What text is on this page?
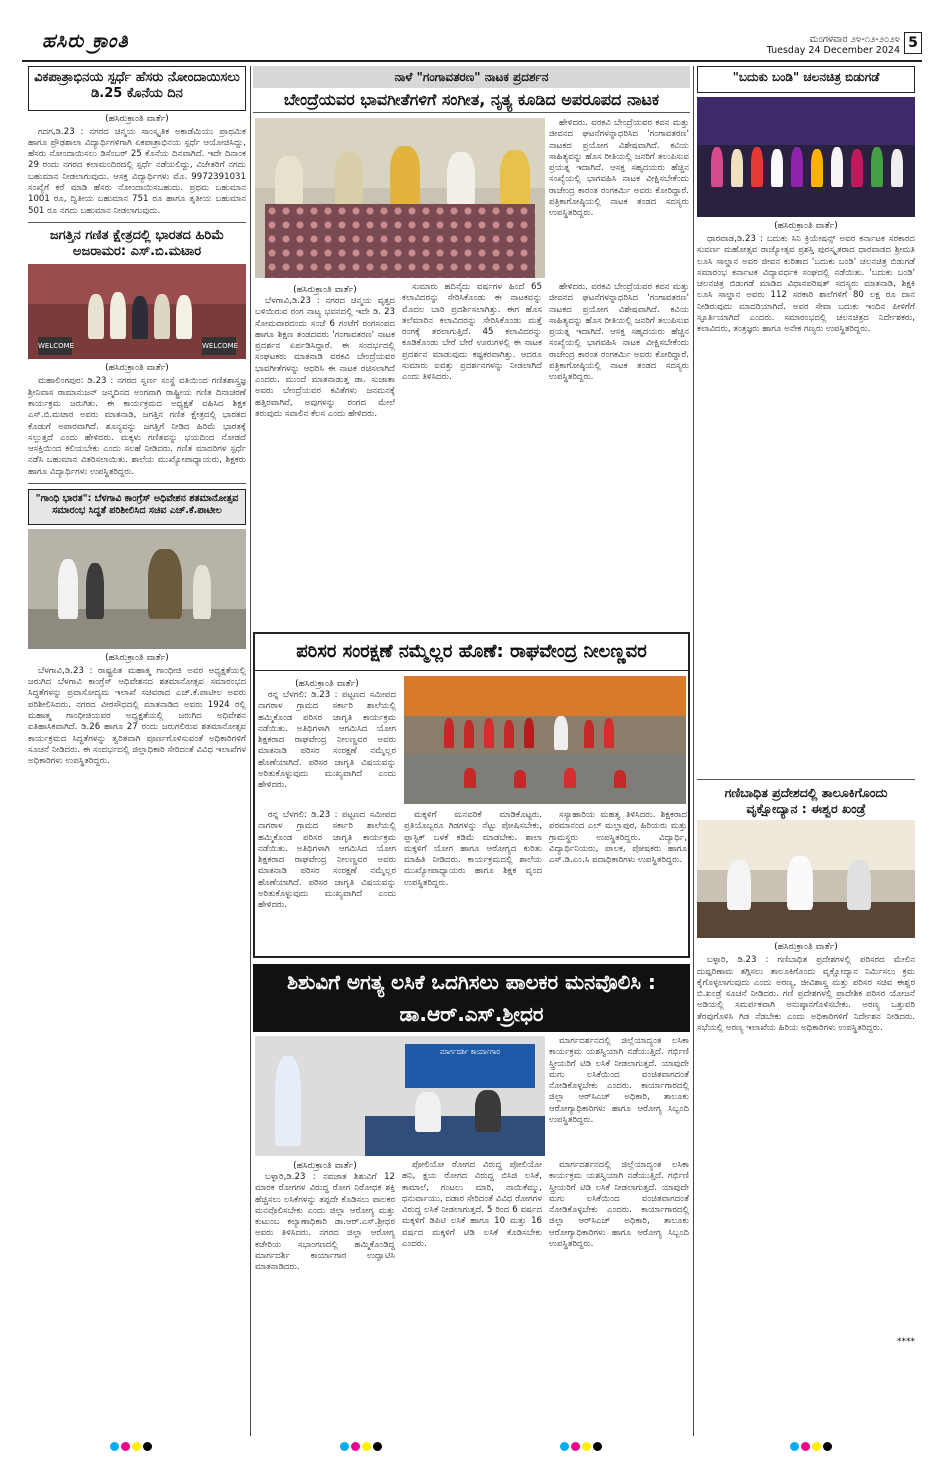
ಹಸಿರು ಕ್ರಾಂತಿ	ಮಂಗಳವಾರ ೨೪-೧೨-೨೦೨೪
Tuesday 24 December 2024 5
ವಿಕಪಾತ್ರಾಭಿನಯ ಸ್ಪರ್ಧೆ ಹೆಸರು ನೋಂದಾಯಿಸಲು ಡಿ.25 ಕೊನೆಯ ದಿನ
(ಹಸಿರುಕ್ರಾಂತಿ ವಾರ್ತೆ)

ಗದಗ,ಡಿ.23 : ನಗರದ ಚಿನ್ಮಯ ಸಾಂಸ್ಕೃತಿಕ ಅಕಾಡೆಮಿಯು ಪ್ರಾಥಮಿಕ ಹಾಗೂ ಪ್ರೌಢಶಾಲಾ ವಿದ್ಯಾರ್ಥಿಗಳಿಗಾಗಿ ಏಕಪಾತ್ರಾಭಿನಯ ಸ್ಪರ್ಧೆ ಆಯೋಜಿಸಿದ್ದು, ಹೆಸರು ನೋಂದಾಯಿಸಲು ಡಿಸೆಂಬರ್ 25 ಕೊನೆಯ ದಿನವಾಗಿದೆ. ಇದೇ ದಿನಾಂಕ 29 ರಂದು ನಗರದ ಕಲಾಮಂದಿರದಲ್ಲಿ ಸ್ಪರ್ಧೆ ನಡೆಯಲಿದ್ದು, ವಿಜೇತರಿಗೆ ನಗದು ಬಹುಮಾನ ನೀಡಲಾಗುವುದು. ಆಸಕ್ತ ವಿದ್ಯಾರ್ಥಿಗಳು ಮೊ. 9972391031 ಸಂಖ್ಯೆಗೆ ಕರೆ ಮಾಡಿ ಹೆಸರು ನೋಂದಾಯಿಸಬಹುದು. ಪ್ರಥಮ ಬಹುಮಾನ 1001 ರೂ, ದ್ವಿತೀಯ ಬಹುಮಾನ 751 ರೂ ಹಾಗೂ ತೃತೀಯ ಬಹುಮಾನ 501 ರೂ ನಗದು ಬಹುಮಾನ ನೀಡಲಾಗುವುದು.

ಜಗತ್ತಿನ ಗಣಿತ ಕ್ಷೇತ್ರದಲ್ಲಿ ಭಾರತದ ಹಿರಿಮೆ ಅಜರಾಮರ: ಎಸ್.ಬಿ.ಮಟಾರ
WELCOME	WELCOME
(ಹಸಿರುಕ್ರಾಂತಿ ವಾರ್ತೆ)

ಮಹಾಲಿಂಗಪುರ: ಡಿ.23 : ನಗರದ ಸ್ವರ್ಣ ಸಂಸ್ಥೆ ವತಿಯಿಂದ ಗಣಿತಶಾಸ್ತ್ರಜ್ಞ ಶ್ರೀನಿವಾಸ ರಾಮಾನುಜನ್ ಜನ್ಮದಿನದ ಅಂಗವಾಗಿ ರಾಷ್ಟ್ರೀಯ ಗಣಿತ ದಿನಾಚರಣೆ ಕಾರ್ಯಕ್ರಮ ಜರುಗಿತು. ಈ ಕಾರ್ಯಕ್ರಮದ ಅಧ್ಯಕ್ಷತೆ ವಹಿಸಿದ ಶಿಕ್ಷಕ ಎಸ್.ಬಿ.ಮಟಾರ ಅವರು ಮಾತನಾಡಿ, ಜಗತ್ತಿನ ಗಣಿತ ಕ್ಷೇತ್ರದಲ್ಲಿ ಭಾರತದ ಕೊಡುಗೆ ಅಪಾರವಾಗಿದೆ. ಶೂನ್ಯವನ್ನು ಜಗತ್ತಿಗೆ ನೀಡಿದ ಹಿರಿಮೆ ಭಾರತಕ್ಕೆ ಸಲ್ಲುತ್ತದೆ ಎಂದು ಹೇಳಿದರು. ಮಕ್ಕಳು ಗಣಿತವನ್ನು ಭಯದಿಂದ ನೋಡದೆ ಆಸಕ್ತಿಯಿಂದ ಕಲಿಯಬೇಕು ಎಂದು ಸಲಹೆ ನೀಡಿದರು. ಗಣಿತ ಮಾದರಿಗಳ ಸ್ಪರ್ಧೆ ನಡೆಸಿ ಬಹುಮಾನ ವಿತರಿಸಲಾಯಿತು. ಶಾಲೆಯ ಮುಖ್ಯೋಪಾಧ್ಯಾಯರು, ಶಿಕ್ಷಕರು ಹಾಗೂ ವಿದ್ಯಾರ್ಥಿಗಳು ಉಪಸ್ಥಿತರಿದ್ದರು.

"ಗಾಂಧಿ ಭಾರತ": ಬೆಳಗಾವಿ ಕಾಂಗ್ರೆಸ್ ಅಧಿವೇಶನ ಶತಮಾನೋತ್ಸವ ಸಮಾರಂಭ ಸಿದ್ಧತೆ ಪರಿಶೀಲಿಸಿದ ಸಚಿವ ಎಚ್.ಕೆ.ಪಾಟೀಲ
(ಹಸಿರುಕ್ರಾಂತಿ ವಾರ್ತೆ)

ಬೆಳಗಾವಿ,ಡಿ.23 : ರಾಷ್ಟ್ರಪಿತ ಮಹಾತ್ಮ ಗಾಂಧೀಜಿ ಅವರ ಅಧ್ಯಕ್ಷತೆಯಲ್ಲಿ ಜರುಗಿದ ಬೆಳಗಾವಿ ಕಾಂಗ್ರೆಸ್ ಅಧಿವೇಶನದ ಶತಮಾನೋತ್ಸವ ಸಮಾರಂಭದ ಸಿದ್ಧತೆಗಳನ್ನು ಪ್ರವಾಸೋದ್ಯಮ ಇಲಾಖೆ ಸಚಿವರಾದ ಎಚ್.ಕೆ.ಪಾಟೀಲ ಅವರು ಪರಿಶೀಲಿಸಿದರು. ನಗರದ ವೀರಸೌಧದಲ್ಲಿ ಮಾತನಾಡಿದ ಅವರು 1924 ರಲ್ಲಿ ಮಹಾತ್ಮ ಗಾಂಧೀಜಿಯವರ ಅಧ್ಯಕ್ಷತೆಯಲ್ಲಿ ಜರುಗಿದ ಅಧಿವೇಶನ ಐತಿಹಾಸಿಕವಾಗಿದೆ. ಡಿ.26 ಹಾಗೂ 27 ರಂದು ಜರುಗಲಿರುವ ಶತಮಾನೋತ್ಸವ ಕಾರ್ಯಕ್ರಮದ ಸಿದ್ಧತೆಗಳನ್ನು ತ್ವರಿತವಾಗಿ ಪೂರ್ಣಗೊಳಿಸುವಂತೆ ಅಧಿಕಾರಿಗಳಿಗೆ ಸೂಚನೆ ನೀಡಿದರು. ಈ ಸಂದರ್ಭದಲ್ಲಿ ಜಿಲ್ಲಾಧಿಕಾರಿ ಸೇರಿದಂತೆ ವಿವಿಧ ಇಲಾಖೆಗಳ ಅಧಿಕಾರಿಗಳು ಉಪಸ್ಥಿತರಿದ್ದರು.

ನಾಳೆ "ಗಂಗಾವತರಣ" ನಾಟಕ ಪ್ರದರ್ಶನ
ಬೇಂದ್ರೆಯವರ ಭಾವಗೀತೆಗಳಿಗೆ ಸಂಗೀತ, ನೃತ್ಯ ಕೂಡಿದ ಅಪರೂಪದ ನಾಟಕ

ಹೇಳಿದರು. ವರಕವಿ ಬೇಂದ್ರೆಯವರ ಕವನ ಮತ್ತು ಜೀವನದ ಘಟನೆಗಳನ್ನಾಧರಿಸಿದ 'ಗಂಗಾವತರಣ' ನಾಟಕದ ಪ್ರಯೋಗ ವಿಶೇಷವಾಗಿದೆ. ಕವಿಯ ಸಾಹಿತ್ಯವನ್ನು ಹೊಸ ರೀತಿಯಲ್ಲಿ ಜನರಿಗೆ ತಲುಪಿಸುವ ಪ್ರಯತ್ನ ಇದಾಗಿದೆ. ಆಸಕ್ತ ಸಹೃದಯರು ಹೆಚ್ಚಿನ ಸಂಖ್ಯೆಯಲ್ಲಿ ಭಾಗವಹಿಸಿ ನಾಟಕ ವೀಕ್ಷಿಸಬೇಕೆಂದು ರಾಜೇಂದ್ರ ಕಾರಂತ ರಂಗಕರ್ಮಿ ಅವರು ಕೋರಿದ್ದಾರೆ. ಪತ್ರಿಕಾಗೋಷ್ಠಿಯಲ್ಲಿ ನಾಟಕ ತಂಡದ ಸದಸ್ಯರು ಉಪಸ್ಥಿತರಿದ್ದರು.

(ಹಸಿರುಕ್ರಾಂತಿ ವಾರ್ತೆ)

ಬೆಳಗಾವಿ,ಡಿ.23 : ನಗರದ ಚಿನ್ಮಯ ವೃತ್ತದ ಬಳಿಯಿರುವ ರಂಗ ನಾಟ್ಯ ಭವನದಲ್ಲಿ ಇದೇ ಡಿ. 23 ಸೋಮವಾರದಂದು ಸಂಜೆ 6 ಗಂಟೆಗೆ ರಂಗಸಂಪದ ಹಾಗೂ ಶಿಕ್ಷಣ ತಂಡದವರು 'ಗಂಗಾವತರಣ' ನಾಟಕ ಪ್ರದರ್ಶನ ಏರ್ಪಡಿಸಿದ್ದಾರೆ. ಈ ಸಂದರ್ಭದಲ್ಲಿ ಸಂಘಟಕರು ಮಾತನಾಡಿ ವರಕವಿ ಬೇಂದ್ರೆಯವರ ಭಾವಗೀತೆಗಳನ್ನು ಆಧರಿಸಿ ಈ ನಾಟಕ ರಚಿಸಲಾಗಿದೆ ಎಂದರು. ಮುಂದೆ ಮಾತನಾಡುತ್ತ ಡಾ. ಸುಜಾತಾ ಅವರು ಬೇಂದ್ರೆಯವರ ಕವಿತೆಗಳು ಜನಮನಕ್ಕೆ ಹತ್ತಿರವಾಗಿವೆ, ಅವುಗಳನ್ನು ರಂಗದ ಮೇಲೆ ತರುವುದು ಸವಾಲಿನ ಕೆಲಸ ಎಂದು ಹೇಳಿದರು.

ಸುಮಾರು ಹದಿನೈದು ವರ್ಷಗಳ ಹಿಂದೆ 65 ಕಲಾವಿದರನ್ನು ಸೇರಿಸಿಕೊಂಡು ಈ ನಾಟಕವನ್ನು ಮೊದಲ ಬಾರಿ ಪ್ರದರ್ಶಿಸಲಾಗಿತ್ತು. ಈಗ ಹೊಸ ತಲೆಮಾರಿನ ಕಲಾವಿದರನ್ನು ಸೇರಿಸಿಕೊಂಡು ಮತ್ತೆ ರಂಗಕ್ಕೆ ತರಲಾಗುತ್ತಿದೆ. 45 ಕಲಾವಿದರನ್ನು ಕೂಡಿಕೊಂಡು ಬೇರೆ ಬೇರೆ ಊರುಗಳಲ್ಲಿ ಈ ನಾಟಕ ಪ್ರದರ್ಶನ ಮಾಡುವುದು ಕಷ್ಟಕರವಾಗಿತ್ತು. ಆದರೂ ಸುಮಾರು ಐವತ್ತು ಪ್ರದರ್ಶನಗಳನ್ನು ನೀಡಲಾಗಿದೆ ಎಂದು ತಿಳಿಸಿದರು.

ಹೇಳಿದರು. ವರಕವಿ ಬೇಂದ್ರೆಯವರ ಕವನ ಮತ್ತು ಜೀವನದ ಘಟನೆಗಳನ್ನಾಧರಿಸಿದ 'ಗಂಗಾವತರಣ' ನಾಟಕದ ಪ್ರಯೋಗ ವಿಶೇಷವಾಗಿದೆ. ಕವಿಯ ಸಾಹಿತ್ಯವನ್ನು ಹೊಸ ರೀತಿಯಲ್ಲಿ ಜನರಿಗೆ ತಲುಪಿಸುವ ಪ್ರಯತ್ನ ಇದಾಗಿದೆ. ಆಸಕ್ತ ಸಹೃದಯರು ಹೆಚ್ಚಿನ ಸಂಖ್ಯೆಯಲ್ಲಿ ಭಾಗವಹಿಸಿ ನಾಟಕ ವೀಕ್ಷಿಸಬೇಕೆಂದು ರಾಜೇಂದ್ರ ಕಾರಂತ ರಂಗಕರ್ಮಿ ಅವರು ಕೋರಿದ್ದಾರೆ. ಪತ್ರಿಕಾಗೋಷ್ಠಿಯಲ್ಲಿ ನಾಟಕ ತಂಡದ ಸದಸ್ಯರು ಉಪಸ್ಥಿತರಿದ್ದರು.

ಪರಿಸರ ಸಂರಕ್ಷಣೆ ನಮ್ಮೆಲ್ಲರ ಹೊಣೆ: ರಾಘವೇಂದ್ರ ನೀಲಣ್ಣವರ
(ಹಸಿರುಕ್ರಾಂತಿ ವಾರ್ತೆ)

ರನ್ನ ಬೆಳಗಲಿ: ಡಿ.23 : ಪಟ್ಟಣದ ಸಮೀಪದ ನಾಗರಾಳ ಗ್ರಾಮದ ಸರ್ಕಾರಿ ಶಾಲೆಯಲ್ಲಿ ಹಮ್ಮಿಕೊಂಡ ಪರಿಸರ ಜಾಗೃತಿ ಕಾರ್ಯಕ್ರಮ ನಡೆಯಿತು. ಅತಿಥಿಗಳಾಗಿ ಆಗಮಿಸಿದ ಯೋಗ ಶಿಕ್ಷಕರಾದ ರಾಘವೇಂದ್ರ ನೀಲಣ್ಣವರ ಅವರು ಮಾತನಾಡಿ ಪರಿಸರ ಸಂರಕ್ಷಣೆ ನಮ್ಮೆಲ್ಲರ ಹೊಣೆಯಾಗಿದೆ. ಪರಿಸರ ಜಾಗೃತಿ ವಿಷಯವನ್ನು ಅರಿತುಕೊಳ್ಳುವುದು ಮುಖ್ಯವಾಗಿದೆ ಎಂದು ಹೇಳಿದರು.

ರನ್ನ ಬೆಳಗಲಿ: ಡಿ.23 : ಪಟ್ಟಣದ ಸಮೀಪದ ನಾಗರಾಳ ಗ್ರಾಮದ ಸರ್ಕಾರಿ ಶಾಲೆಯಲ್ಲಿ ಹಮ್ಮಿಕೊಂಡ ಪರಿಸರ ಜಾಗೃತಿ ಕಾರ್ಯಕ್ರಮ ನಡೆಯಿತು. ಅತಿಥಿಗಳಾಗಿ ಆಗಮಿಸಿದ ಯೋಗ ಶಿಕ್ಷಕರಾದ ರಾಘವೇಂದ್ರ ನೀಲಣ್ಣವರ ಅವರು ಮಾತನಾಡಿ ಪರಿಸರ ಸಂರಕ್ಷಣೆ ನಮ್ಮೆಲ್ಲರ ಹೊಣೆಯಾಗಿದೆ. ಪರಿಸರ ಜಾಗೃತಿ ವಿಷಯವನ್ನು ಅರಿತುಕೊಳ್ಳುವುದು ಮುಖ್ಯವಾಗಿದೆ ಎಂದು ಹೇಳಿದರು.

ಮಕ್ಕಳಿಗೆ ಮನವರಿಕೆ ಮಾಡಿಕೊಟ್ಟರು. ಪ್ರತಿಯೊಬ್ಬರೂ ಗಿಡಗಳನ್ನು ನೆಟ್ಟು ಪೋಷಿಸಬೇಕು, ಪ್ಲಾಸ್ಟಿಕ್ ಬಳಕೆ ಕಡಿಮೆ ಮಾಡಬೇಕು. ಶಾಲಾ ಮಕ್ಕಳಿಗೆ ಯೋಗ ಹಾಗೂ ಆರೋಗ್ಯದ ಕುರಿತು ಮಾಹಿತಿ ನೀಡಿದರು. ಕಾರ್ಯಕ್ರಮದಲ್ಲಿ ಶಾಲೆಯ ಮುಖ್ಯೋಪಾಧ್ಯಾಯರು ಹಾಗೂ ಶಿಕ್ಷಕ ವೃಂದ ಉಪಸ್ಥಿತರಿದ್ದರು.

ಸಸ್ಯಾಹಾರಿಯ ಮಹತ್ವ ತಿಳಿಸಿದರು. ಶಿಕ್ಷಕರಾದ ಪರಮಾನಂದ ಎಲ್ ಮಲ್ಲಾಪುರ, ಹಿರಿಯರು ಮತ್ತು ಗ್ರಾಮಸ್ಥರು ಉಪಸ್ಥಿತರಿದ್ದರು. ವಿದ್ಯಾರ್ಥಿ, ವಿದ್ಯಾರ್ಥಿನಿಯರು, ಪಾಲಕ, ಪೋಷಕರು ಹಾಗೂ ಎಸ್.ಡಿ.ಎಂ.ಸಿ ಪದಾಧಿಕಾರಿಗಳು ಉಪಸ್ಥಿತರಿದ್ದರು.

ಶಿಶುವಿಗೆ ಅಗತ್ಯ ಲಸಿಕೆ ಒದಗಿಸಲು ಪಾಲಕರ ಮನವೊಲಿಸಿ : ಡಾ.ಆರ್.ಎಸ್.ಶ್ರೀಧರ
ಮಾರ್ಗದರ್ಶಿ ಕಾರ್ಯಾಗಾರ

ಮಾರ್ಗದರ್ಶನದಲ್ಲಿ ಜಿಲ್ಲೆಯಾದ್ಯಂತ ಲಸಿಕಾ ಕಾರ್ಯಕ್ರಮ ಯಶಸ್ವಿಯಾಗಿ ನಡೆಯುತ್ತಿದೆ. ಗರ್ಭಿಣಿ ಸ್ತ್ರೀಯರಿಗೆ ಟಿಡಿ ಲಸಿಕೆ ನೀಡಲಾಗುತ್ತದೆ. ಯಾವುದೇ ಮಗು ಲಸಿಕೆಯಿಂದ ವಂಚಿತವಾಗದಂತೆ ನೋಡಿಕೊಳ್ಳಬೇಕು ಎಂದರು. ಕಾರ್ಯಾಗಾರದಲ್ಲಿ ಜಿಲ್ಲಾ ಆರ್‌ಸಿಎಚ್ ಅಧಿಕಾರಿ, ತಾಲೂಕು ಆರೋಗ್ಯಾಧಿಕಾರಿಗಳು ಹಾಗೂ ಆರೋಗ್ಯ ಸಿಬ್ಬಂದಿ ಉಪಸ್ಥಿತರಿದ್ದರು.

(ಹಸಿರುಕ್ರಾಂತಿ ವಾರ್ತೆ)

ಬಳ್ಳಾರಿ,ಡಿ.23 : ನವಜಾತ ಶಿಶುವಿಗೆ 12 ಮಾರಕ ರೋಗಗಳ ವಿರುದ್ಧ ರೋಗ ನಿರೋಧಕ ಶಕ್ತಿ ಹೆಚ್ಚಿಸಲು ಲಸಿಕೆಗಳನ್ನು ತಪ್ಪದೇ ಕೊಡಿಸಲು ಪಾಲಕರ ಮನವೊಲಿಸಬೇಕು ಎಂದು ಜಿಲ್ಲಾ ಆರೋಗ್ಯ ಮತ್ತು ಕುಟುಂಬ ಕಲ್ಯಾಣಾಧಿಕಾರಿ ಡಾ.ಆರ್.ಎಸ್.ಶ್ರೀಧರ ಅವರು ತಿಳಿಸಿದರು. ನಗರದ ಜಿಲ್ಲಾ ಆರೋಗ್ಯ ಕಚೇರಿಯ ಸಭಾಂಗಣದಲ್ಲಿ ಹಮ್ಮಿಕೊಂಡಿದ್ದ ಮಾರ್ಗದರ್ಶಿ ಕಾರ್ಯಾಗಾರ ಉದ್ಘಾಟಿಸಿ ಮಾತನಾಡಿದರು.

ಪೋಲಿಯೋ ರೋಗದ ವಿರುದ್ಧ ಪೋಲಿಯೋ ಹನಿ, ಕ್ಷಯ ರೋಗದ ವಿರುದ್ಧ ಬಿಸಿಜಿ ಲಸಿಕೆ, ಕಾಮಾಲೆ, ಗಂಟಲು ಮಾರಿ, ನಾಯಿಕೆಮ್ಮು, ಧನುರ್ವಾಯು, ದಡಾರ ಸೇರಿದಂತೆ ವಿವಿಧ ರೋಗಗಳ ವಿರುದ್ಧ ಲಸಿಕೆ ನೀಡಲಾಗುತ್ತದೆ. 5 ರಿಂದ 6 ವರ್ಷದ ಮಕ್ಕಳಿಗೆ ಡಿಪಿಟಿ ಲಸಿಕೆ ಹಾಗೂ 10 ಮತ್ತು 16 ವರ್ಷದ ಮಕ್ಕಳಿಗೆ ಟಿಡಿ ಲಸಿಕೆ ಕೊಡಿಸಬೇಕು ಎಂದರು.

ಮಾರ್ಗದರ್ಶನದಲ್ಲಿ ಜಿಲ್ಲೆಯಾದ್ಯಂತ ಲಸಿಕಾ ಕಾರ್ಯಕ್ರಮ ಯಶಸ್ವಿಯಾಗಿ ನಡೆಯುತ್ತಿದೆ. ಗರ್ಭಿಣಿ ಸ್ತ್ರೀಯರಿಗೆ ಟಿಡಿ ಲಸಿಕೆ ನೀಡಲಾಗುತ್ತದೆ. ಯಾವುದೇ ಮಗು ಲಸಿಕೆಯಿಂದ ವಂಚಿತವಾಗದಂತೆ ನೋಡಿಕೊಳ್ಳಬೇಕು ಎಂದರು. ಕಾರ್ಯಾಗಾರದಲ್ಲಿ ಜಿಲ್ಲಾ ಆರ್‌ಸಿಎಚ್ ಅಧಿಕಾರಿ, ತಾಲೂಕು ಆರೋಗ್ಯಾಧಿಕಾರಿಗಳು ಹಾಗೂ ಆರೋಗ್ಯ ಸಿಬ್ಬಂದಿ ಉಪಸ್ಥಿತರಿದ್ದರು.

"ಬದುಕು ಬಂಡಿ" ಚಲನಚಿತ್ರ ಬಿಡುಗಡೆ
(ಹಸಿರುಕ್ರಾಂತಿ ವಾರ್ತೆ)

ಧಾರವಾಡ,ಡಿ.23 : ಬದುಕು ಸಿನಿ ಕ್ರಿಯೇಷನ್ಸ್ ಅವರ ಕರ್ನಾಟಕ ಸರಕಾರದ ಸುವರ್ಣ ಮಹೋತ್ಸವ ರಾಜ್ಯೋತ್ಸವ ಪ್ರಶಸ್ತಿ ಪುರಸ್ಕೃತರಾದ ಧಾರವಾಡದ ಶ್ರೀಮತಿ ಲೂಸಿ ಸಾಲ್ಡಾನ ಅವರ ಜೀವನ ಕುರಿತಾದ 'ಬದುಕು ಬಂಡಿ' ಚಲನಚಿತ್ರ ಬಿಡುಗಡೆ ಸಮಾರಂಭ ಕರ್ನಾಟಕ ವಿದ್ಯಾವರ್ಧಕ ಸಂಘದಲ್ಲಿ ನಡೆಯಿತು. 'ಬದುಕು ಬಂಡಿ' ಚಲನಚಿತ್ರ ಬಿಡುಗಡೆ ಮಾಡಿದ ವಿಧಾನಪರಿಷತ್ ಸದಸ್ಯರು ಮಾತನಾಡಿ, ಶಿಕ್ಷಕಿ ಲೂಸಿ ಸಾಲ್ಡಾನ ಅವರು 112 ಸರಕಾರಿ ಶಾಲೆಗಳಿಗೆ 80 ಲಕ್ಷ ರೂ ದಾನ ನೀಡಿರುವುದು ಮಾದರಿಯಾಗಿದೆ. ಅವರ ಸೇವಾ ಬದುಕು ಇಂದಿನ ಪೀಳಿಗೆಗೆ ಸ್ಫೂರ್ತಿಯಾಗಿದೆ ಎಂದರು. ಸಮಾರಂಭದಲ್ಲಿ ಚಲನಚಿತ್ರದ ನಿರ್ದೇಶಕರು, ಕಲಾವಿದರು, ತಂತ್ರಜ್ಞರು ಹಾಗೂ ಅನೇಕ ಗಣ್ಯರು ಉಪಸ್ಥಿತರಿದ್ದರು.

ಗಣಿಬಾಧಿತ ಪ್ರದೇಶದಲ್ಲಿ ತಾಲೂಕಿಗೊಂದು ವೃಕ್ಷೋದ್ಯಾನ : ಈಶ್ವರ ಖಂಡ್ರೆ
(ಹಸಿರುಕ್ರಾಂತಿ ವಾರ್ತೆ)

ಬಳ್ಳಾರಿ, ಡಿ.23 : ಗಣಿಬಾಧಿತ ಪ್ರದೇಶಗಳಲ್ಲಿ ಪರಿಸರದ ಮೇಲಿನ ದುಷ್ಪರಿಣಾಮ ತಗ್ಗಿಸಲು ತಾಲೂಕಿಗೊಂದು ವೃಕ್ಷೋದ್ಯಾನ ನಿರ್ಮಿಸಲು ಕ್ರಮ ಕೈಗೊಳ್ಳಲಾಗುವುದು ಎಂದು ಅರಣ್ಯ, ಜೀವಿಶಾಸ್ತ್ರ ಮತ್ತು ಪರಿಸರ ಸಚಿವ ಈಶ್ವರ ಬಿ.ಖಂಡ್ರೆ ಸೂಚನೆ ನೀಡಿದರು. ಗಣಿ ಪ್ರದೇಶಗಳಲ್ಲಿ ಪ್ರಾದೇಶಿಕ ಪರಿಸರ ಯೋಜನೆ ಅಡಿಯಲ್ಲಿ ಸಮರ್ಪಕವಾಗಿ ಅನುಷ್ಠಾನಗೊಳಿಸಬೇಕು. ಅರಣ್ಯ ಒತ್ತುವರಿ ತೆರವುಗೊಳಿಸಿ ಗಿಡ ನೆಡಬೇಕು ಎಂದು ಅಧಿಕಾರಿಗಳಿಗೆ ನಿರ್ದೇಶನ ನೀಡಿದರು. ಸಭೆಯಲ್ಲಿ ಅರಣ್ಯ ಇಲಾಖೆಯ ಹಿರಿಯ ಅಧಿಕಾರಿಗಳು ಉಪಸ್ಥಿತರಿದ್ದರು.

****
